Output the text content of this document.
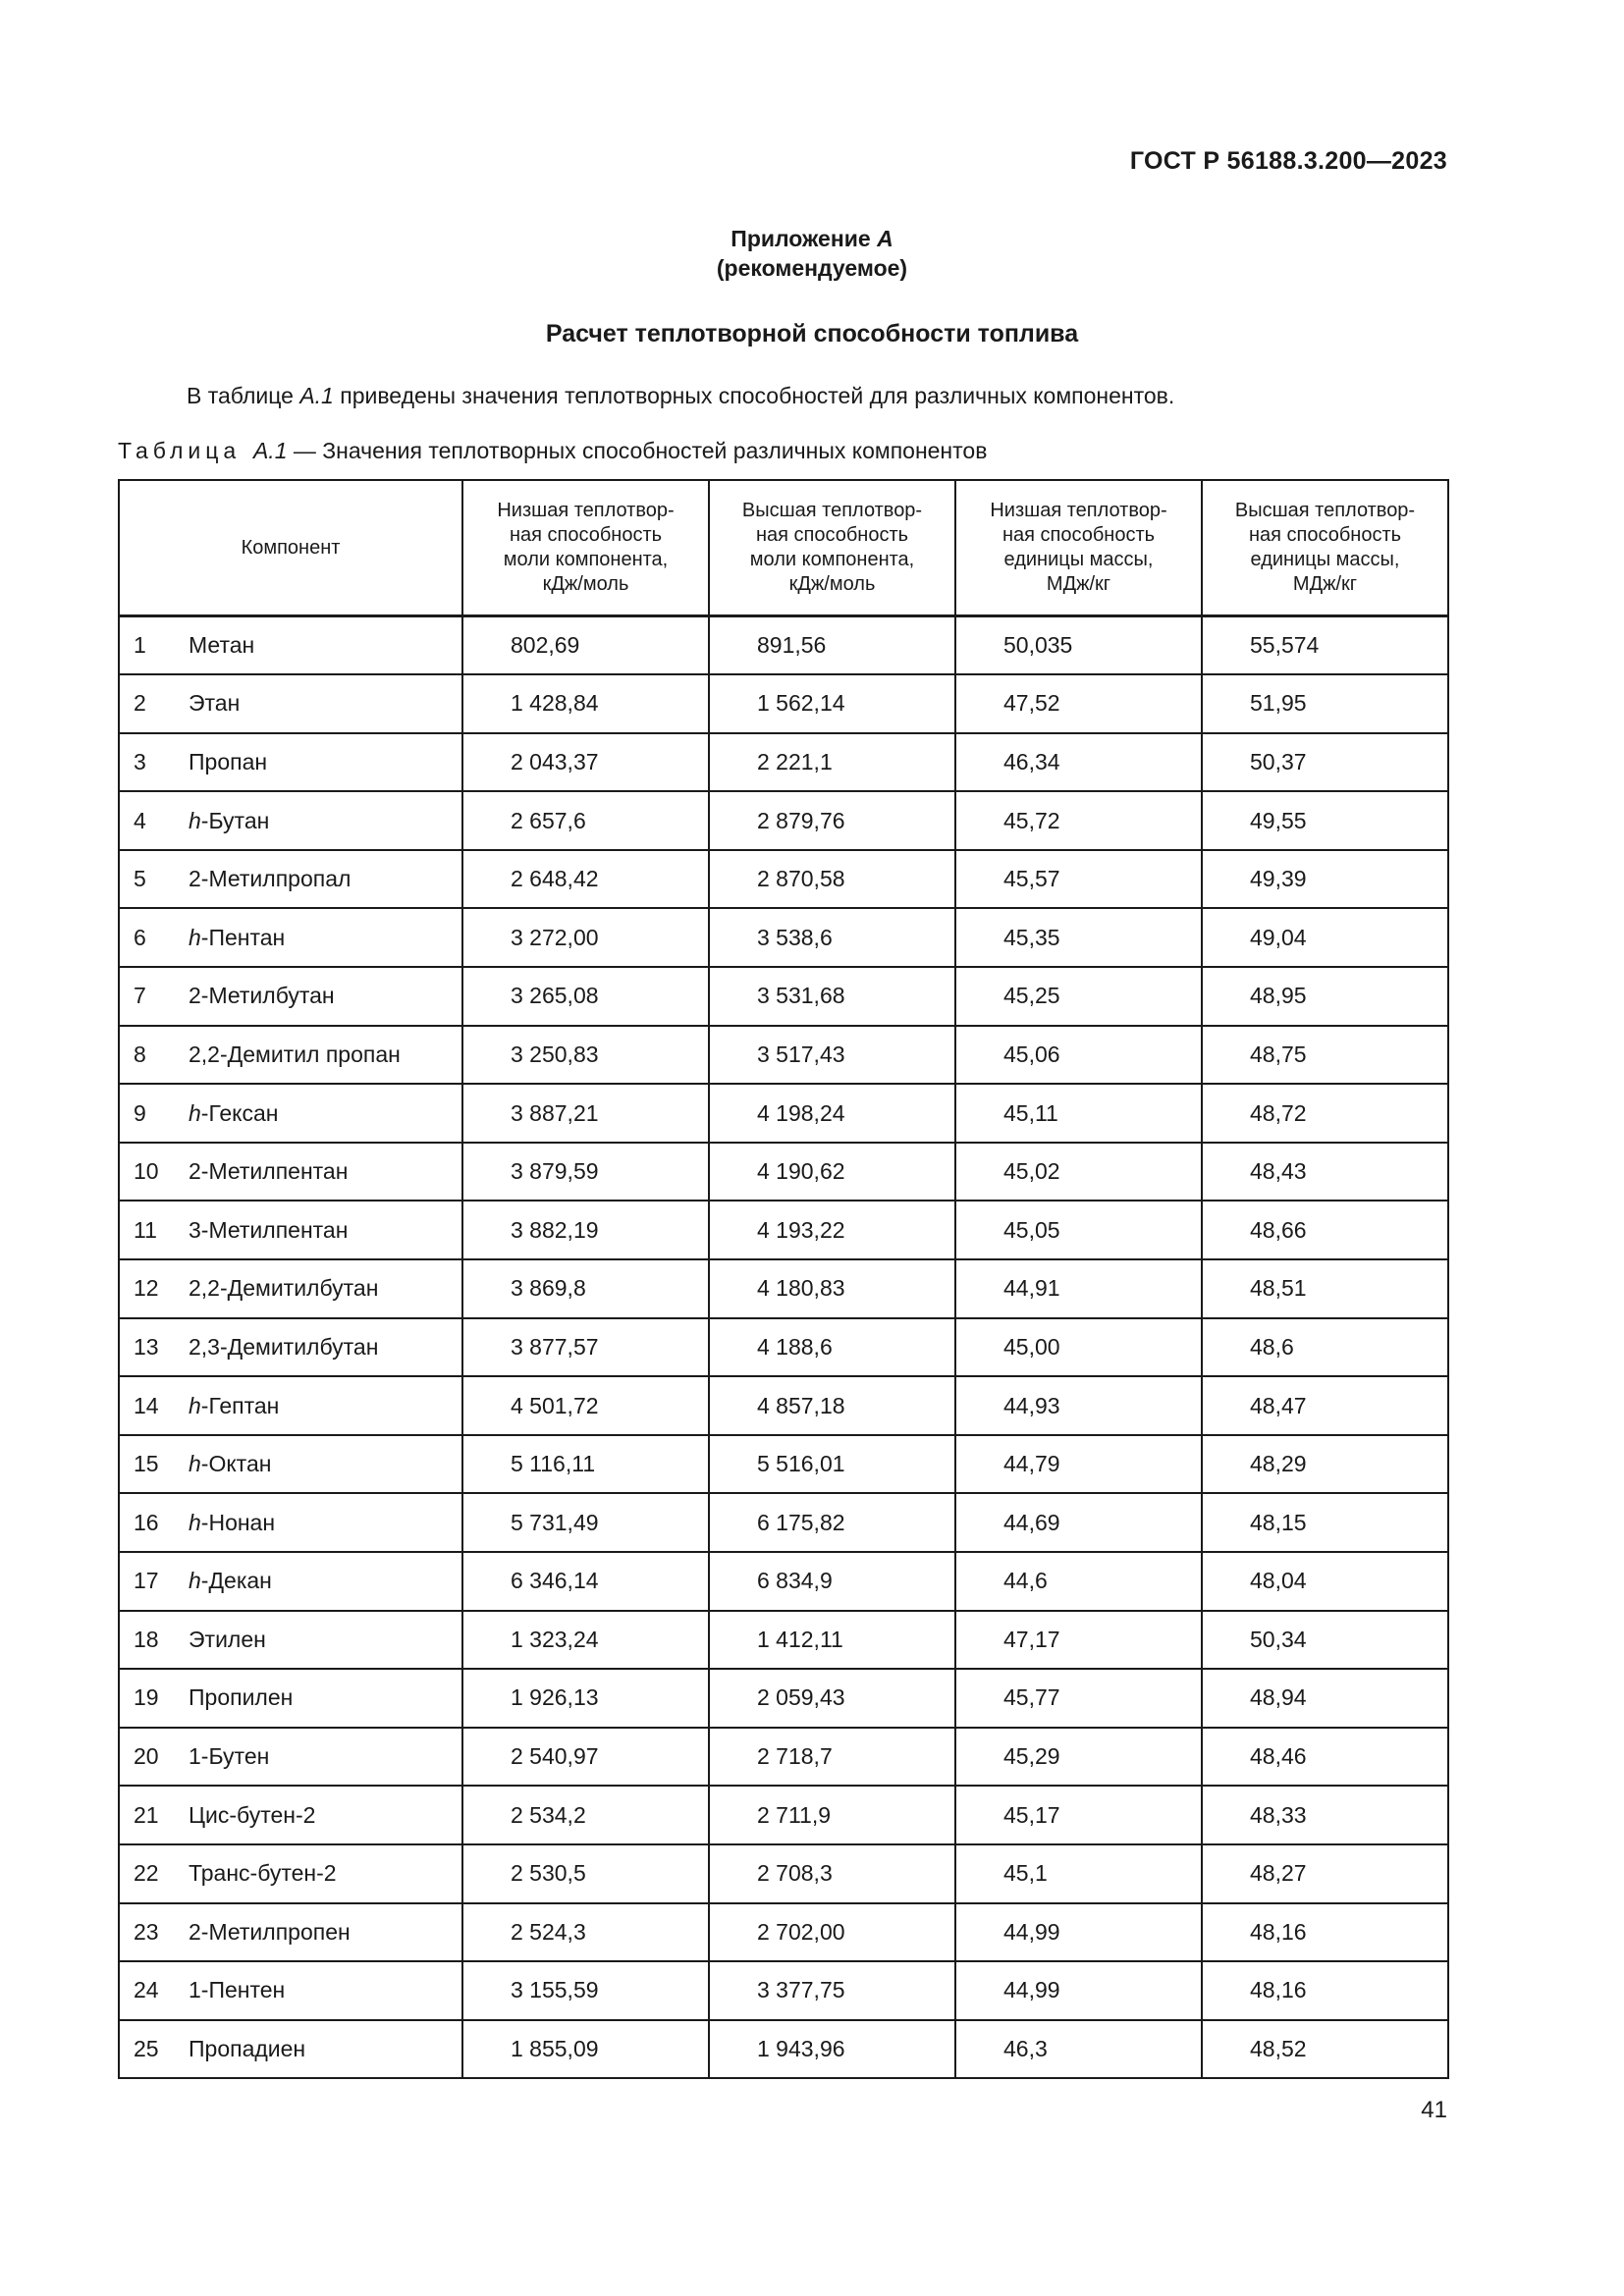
ГОСТ Р 56188.3.200—2023
Приложение А
(рекомендуемое)
Расчет теплотворной способности топлива
В таблице А.1 приведены значения теплотворных способностей для различных компонентов.
Таблица А.1 — Значения теплотворных способностей различных компонентов
Компонент	Низшая теплотвор-
ная способность
моли компонента,
кДж/моль	Высшая теплотвор-
ная способность
моли компонента,
кДж/моль	Низшая теплотвор-
ная способность
единицы массы,
МДж/кг	Высшая теплотвор-
ная способность
единицы массы,
МДж/кг
1 Метан	802,69	891,56	50,035	55,574
2 Этан	1 428,84	1 562,14	47,52	51,95
3 Пропан	2 043,37	2 221,1	46,34	50,37
4 h-Бутан	2 657,6	2 879,76	45,72	49,55
5 2-Метилпропал	2 648,42	2 870,58	45,57	49,39
6 h-Пентан	3 272,00	3 538,6	45,35	49,04
7 2-Метилбутан	3 265,08	3 531,68	45,25	48,95
8 2,2-Демитил пропан	3 250,83	3 517,43	45,06	48,75
9 h-Гексан	3 887,21	4 198,24	45,11	48,72
10 2-Метилпентан	3 879,59	4 190,62	45,02	48,43
11 3-Метилпентан	3 882,19	4 193,22	45,05	48,66
12 2,2-Демитилбутан	3 869,8	4 180,83	44,91	48,51
13 2,3-Демитилбутан	3 877,57	4 188,6	45,00	48,6
14 h-Гептан	4 501,72	4 857,18	44,93	48,47
15 h-Октан	5 116,11	5 516,01	44,79	48,29
16 h-Нонан	5 731,49	6 175,82	44,69	48,15
17 h-Декан	6 346,14	6 834,9	44,6	48,04
18 Этилен	1 323,24	1 412,11	47,17	50,34
19 Пропилен	1 926,13	2 059,43	45,77	48,94
20 1-Бутен	2 540,97	2 718,7	45,29	48,46
21 Цис-бутен-2	2 534,2	2 711,9	45,17	48,33
22 Транс-бутен-2	2 530,5	2 708,3	45,1	48,27
23 2-Метилпропен	2 524,3	2 702,00	44,99	48,16
24 1-Пентен	3 155,59	3 377,75	44,99	48,16
25 Пропадиен	1 855,09	1 943,96	46,3	48,52
41
